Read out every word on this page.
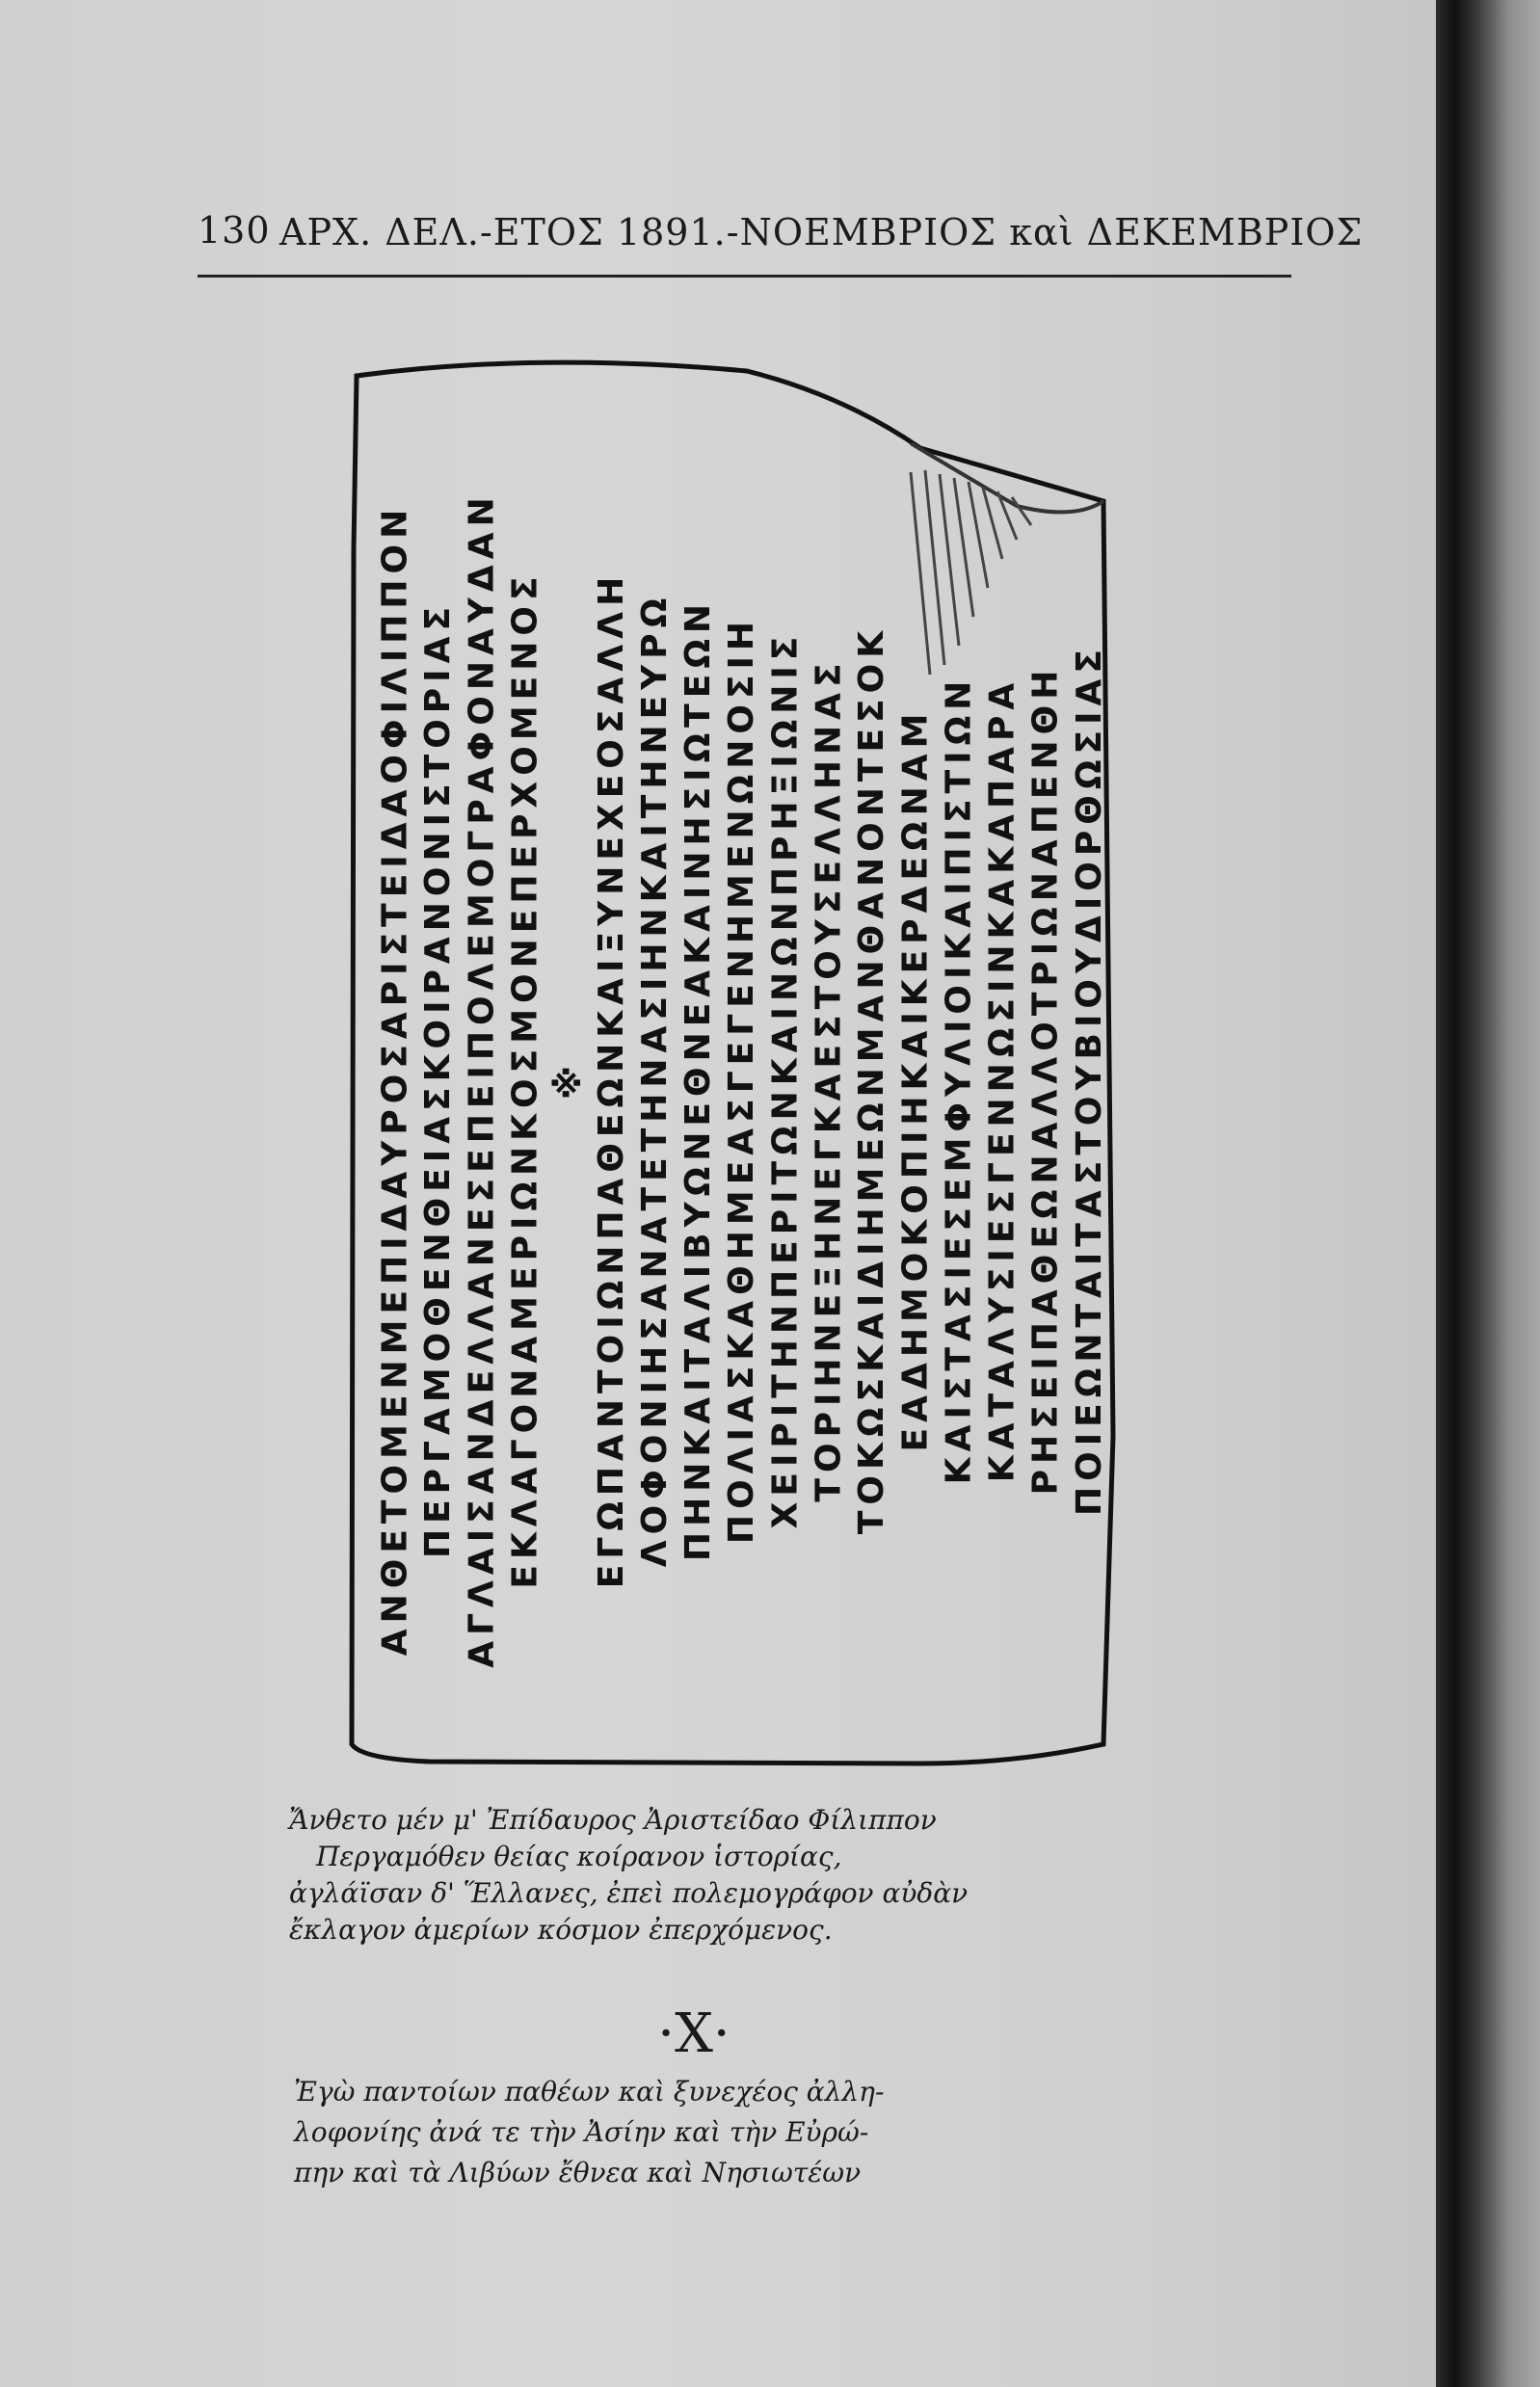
130 ΑΡΧ. ΔΕΛ.-ΕΤΟΣ 1891.-ΝΟΕΜΒΡΙΟΣ καὶ ΔΕΚΕΜΒΡΙΟΣ
ΑΝΘΕΤΟΜΕΝΜΕΠΙΔΑΥΡΟΣΑΡΙΣΤΕΙΔΑΟΦΙΛΙΠΠΟΝ ΠΕΡΓΑΜΟΘΕΝΘΕΙΑΣΚΟΙΡΑΝΟΝΙΣΤΟΡΙΑΣ ΑΓΛΑΙΣΑΝΔΕΛΛΑΝΕΣΕΠΕΙΠΟΛΕΜΟΓΡΑΦΟΝΑΥΔΑΝ ΕΚΛΑΓΟΝΑΜΕΡΙΩΝΚΟΣΜΟΝΕΠΕΡΧΟΜΕΝΟΣ ※ ΕΓΩΠΑΝΤΟΙΩΝΠΑΘΕΩΝΚΑΙΞΥΝΕΧΕΟΣΑΛΛΗ ΛΟΦΟΝΙΗΣΑΝΑΤΕΤΗΝΑΣΙΗΝΚΑΙΤΗΝΕΥΡΩ ΠΗΝΚΑΙΤΑΛΙΒΥΩΝΕΘΝΕΑΚΑΙΝΗΣΙΩΤΕΩΝ ΠΟΛΙΑΣΚΑΘΗΜΕΑΣΓΕΓΕΝΗΜΕΝΩΝΟΣΙΗ ΧΕΙΡΙΤΗΝΠΕΡΙΤΩΝΚΑΙΝΩΝΠΡΗΞΙΩΝΙΣ ΤΟΡΙΗΝΕΞΗΝΕΓΚΑΕΣΤΟΥΣΕΛΛΗΝΑΣ ΤΟΚΩΣΚΑΙΔΙΗΜΕΩΝΜΑΝΘΑΝΟΝΤΕΣΟΚ ΕΑΔΗΜΟΚΟΠΙΗΚΑΙΚΕΡΔΕΩΝΑΜ ΚΑΙΣΤΑΣΙΕΣΕΜΦΥΛΙΟΙΚΑΙΠΙΣΤΙΩΝ ΚΑΤΑΛΥΣΙΕΣΓΕΝΝΩΣΙΝΚΑΚΑΠΑΡΑ ΡΗΣΕΙΠΑΘΕΩΝΑΛΛΟΤΡΙΩΝΑΠΕΝΘΗ ΠΟΙΕΩΝΤΑΙΤΑΣΤΟΥΒΙΟΥΔΙΟΡΘΩΣΙΑΣ

Ἄνθετο μέν μ' Ἐπίδαυρος Ἀριστείδαο Φίλιππον

Περγαμόθεν θείας κοίρανον ἱστορίας,

ἀγλάϊσαν δ' Ἕλλανες, ἐπεὶ πολεμογράφον αὐδὰν

ἔκλαγον ἀμερίων κόσμον ἐπερχόμενος.

·Χ·

Ἐγὼ παντοίων παθέων καὶ ξυνεχέος ἀλλη-

λοφονίης ἀνά τε τὴν Ἀσίην καὶ τὴν Εὐρώ-

πην καὶ τὰ Λιβύων ἔθνεα καὶ Νησιωτέων
